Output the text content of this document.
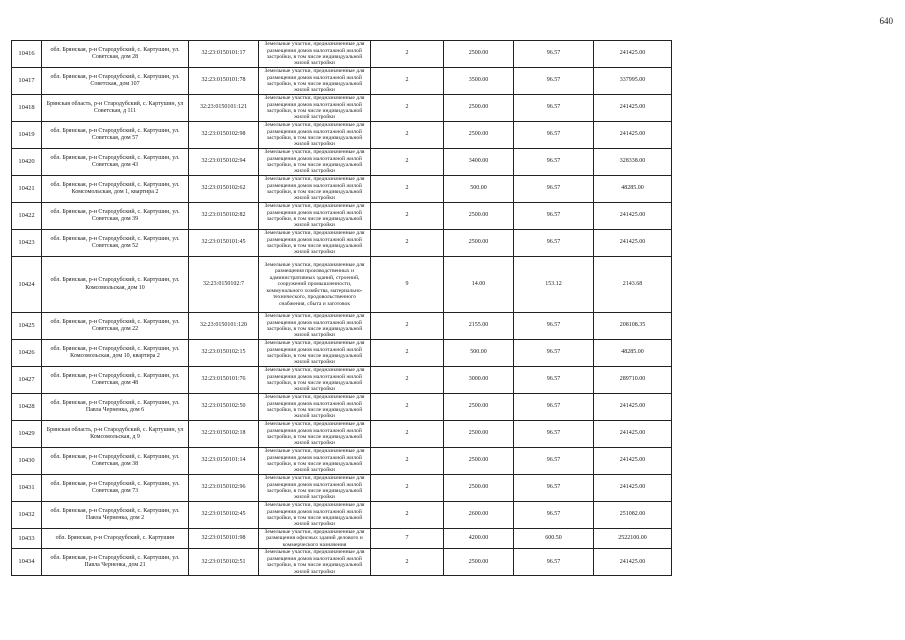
640
10416	обл. Брянская, р-н Стародубский, с. Картушин, ул. Советская, дом 28	32:23:0150101:17	Земельные участки, предназначенные для размещения домов малоэтажной жилой застройки, в том числе индивидуальной жилой застройки	2	2500.00	96.57	241425.00	
10417	обл. Брянская, р-н Стародубский, с. Картушин, ул. Советская, дом 107	32:23:0150101:78	Земельные участки, предназначенные для размещения домов малоэтажной жилой застройки, в том числе индивидуальной жилой застройки	2	3500.00	96.57	337995.00	
10418	Брянская область, р-н Стародубский, с. Картушин, ул Советская, д 111	32:23:0150101:121	Земельные участки, предназначенные для размещения домов малоэтажной жилой застройки, в том числе индивидуальной жилой застройки	2	2500.00	96.57	241425.00	
10419	обл. Брянская, р-н Стародубский, с. Картушин, ул. Советская, дом 57	32:23:0150102:98	Земельные участки, предназначенные для размещения домов малоэтажной жилой застройки, в том числе индивидуальной жилой застройки	2	2500.00	96.57	241425.00	
10420	обл. Брянская, р-н Стародубский, с. Картушин, ул. Советская, дом 43	32:23:0150102:94	Земельные участки, предназначенные для размещения домов малоэтажной жилой застройки, в том числе индивидуальной жилой застройки	2	3400.00	96.57	328338.00	
10421	обл. Брянская, р-н Стародубский, с. Картушин, ул. Комсомольская, дом 1, квартира 2	32:23:0150102:62	Земельные участки, предназначенные для размещения домов малоэтажной жилой застройки, в том числе индивидуальной жилой застройки	2	500.00	96.57	48285.00	
10422	обл. Брянская, р-н Стародубский, с. Картушин, ул. Советская, дом 39	32:23:0150102:82	Земельные участки, предназначенные для размещения домов малоэтажной жилой застройки, в том числе индивидуальной жилой застройки	2	2500.00	96.57	241425.00	
10423	обл. Брянская, р-н Стародубский, с. Картушин, ул. Советская, дом 52	32:23:0150101:45	Земельные участки, предназначенные для размещения домов малоэтажной жилой застройки, в том числе индивидуальной жилой застройки	2	2500.00	96.57	241425.00	
10424	обл. Брянская, р-н Стародубский, с. Картушин, ул. Комсомольская, дом 10	32:23:0150102:7	Земельные участки, предназначенные для размещения производственных и административных зданий, строений, сооружений промышленности, коммунального хозяйства, материально-технического, продовольственного снабжения, сбыта и заготовок	9	14.00	153.12	2143.68	
10425	обл. Брянская, р-н Стародубский, с. Картушин, ул. Советская, дом 22	32:23:0150101:120	Земельные участки, предназначенные для размещения домов малоэтажной жилой застройки, в том числе индивидуальной жилой застройки	2	2155.00	96.57	208108.35	
10426	обл. Брянская, р-н Стародубский, с. Картушин, ул. Комсомольская, дом 10, квартира 2	32:23:0150102:15	Земельные участки, предназначенные для размещения домов малоэтажной жилой застройки, в том числе индивидуальной жилой застройки	2	500.00	96.57	48285.00	
10427	обл. Брянская, р-н Стародубский, с. Картушин, ул. Советская, дом 48	32:23:0150101:76	Земельные участки, предназначенные для размещения домов малоэтажной жилой застройки, в том числе индивидуальной жилой застройки	2	3000.00	96.57	289710.00	
10428	обл. Брянская, р-н Стародубский, с. Картушин, ул. Павла Черненка, дом 6	32:23:0150102:50	Земельные участки, предназначенные для размещения домов малоэтажной жилой застройки, в том числе индивидуальной жилой застройки	2	2500.00	96.57	241425.00	
10429	Брянская область, р-н Стародубский, с. Картушин, ул Комсомольская, д 9	32:23:0150102:18	Земельные участки, предназначенные для размещения домов малоэтажной жилой застройки, в том числе индивидуальной жилой застройки	2	2500.00	96.57	241425.00	
10430	обл. Брянская, р-н Стародубский, с. Картушин, ул. Советская, дом 38	32:23:0150101:14	Земельные участки, предназначенные для размещения домов малоэтажной жилой застройки, в том числе индивидуальной жилой застройки	2	2500.00	96.57	241425.00	
10431	обл. Брянская, р-н Стародубский, с. Картушин, ул. Советская, дом 73	32:23:0150102:96	Земельные участки, предназначенные для размещения домов малоэтажной жилой застройки, в том числе индивидуальной жилой застройки	2	2500.00	96.57	241425.00	
10432	обл. Брянская, р-н Стародубский, с. Картушин, ул. Павла Черненка, дом 2	32:23:0150102:45	Земельные участки, предназначенные для размещения домов малоэтажной жилой застройки, в том числе индивидуальной жилой застройки	2	2600.00	96.57	251082.00	
10433	обл. Брянская, р-н Стародубский, с. Картушин	32:23:0150101:98	Земельные участки, предназначенные для размещения офисных зданий делового и коммерческого назначения	7	4200.00	600.50	2522100.00	
10434	обл. Брянская, р-н Стародубский, с. Картушин, ул. Павла Черненка, дом 21	32:23:0150102:51	Земельные участки, предназначенные для размещения домов малоэтажной жилой застройки, в том числе индивидуальной жилой застройки	2	2500.00	96.57	241425.00	
